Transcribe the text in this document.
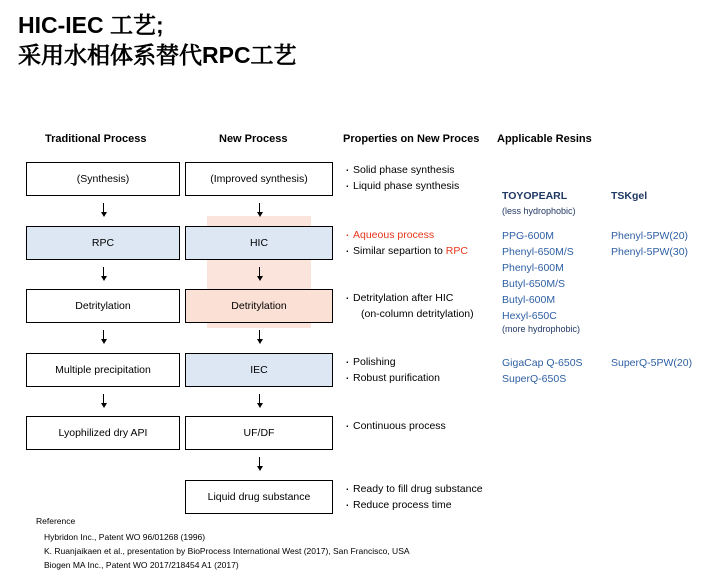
HIC-IEC 工艺;
采用水相体系替代RPC工艺
Traditional Process	New Process	Properties on New Proces Applicable Resins
(Synthesis)
RPC
Detritylation
Multiple precipitation
Lyophilized dry API
(Improved synthesis)
HIC
Detritylation
IEC
UF/DF
Liquid drug substance
· Solid phase synthesis
· Liquid phase synthesis
· Aqueous process
· Similar separtion to RPC
· Detritylation after HIC
(on-column detritylation)
· Polishing
· Robust purification
· Continuous process
· Ready to fill drug substance
· Reduce process time
TOYOPEARL
(less hydrophobic)
TSKgel
PPG-600M
Phenyl-650M/S
Phenyl-600M
Butyl-650M/S
Butyl-600M
Hexyl-650C
(more hydrophobic)
Phenyl-5PW(20)
Phenyl-5PW(30)
GigaCap Q-650S
SuperQ-650S
SuperQ-5PW(20)
Reference
Hybridon Inc., Patent WO 96/01268 (1996)
K. Ruanjaikaen et al., presentation by BioProcess International West (2017), San Francisco, USA
Biogen MA Inc., Patent WO 2017/218454 A1 (2017)
